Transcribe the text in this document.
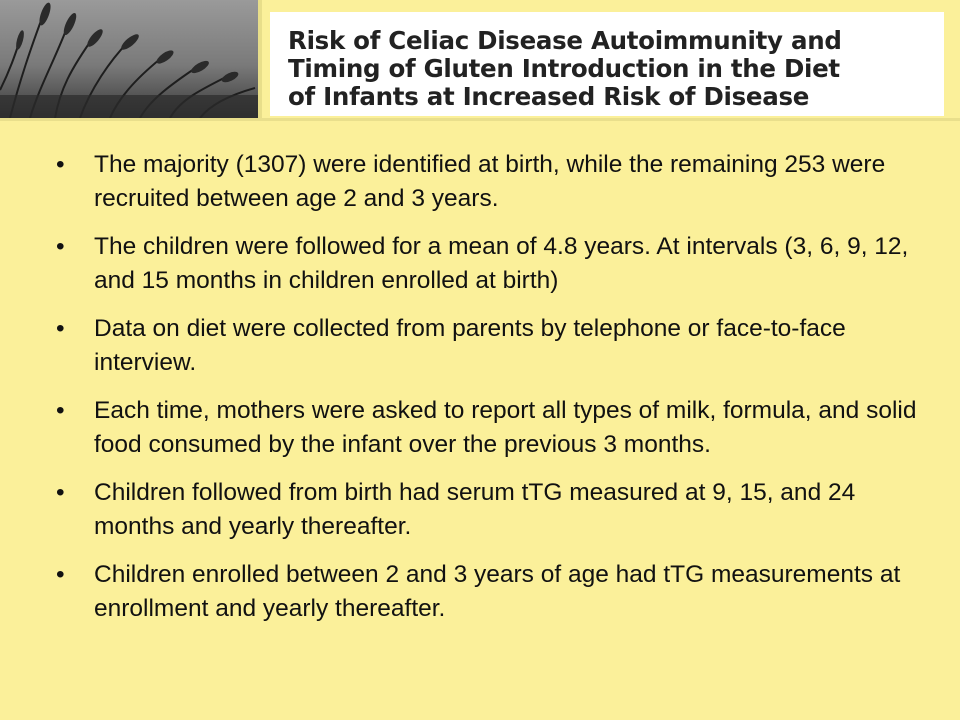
Risk of Celiac Disease Autoimmunity and
Timing of Gluten Introduction in the Diet
of Infants at Increased Risk of Disease
• The majority (1307) were identified at birth, while the remaining 253 were recruited between age 2 and 3 years.
• The children were followed for a mean of 4.8 years. At intervals (3, 6, 9, 12, and 15 months in children enrolled at birth)
• Data on diet were collected from parents by telephone or face-to-face interview.
• Each time, mothers were asked to report all types of milk, formula, and solid food consumed by the infant over the previous 3 months.
• Children followed from birth had serum tTG measured at 9, 15, and 24 months and yearly thereafter.
• Children enrolled between 2 and 3 years of age had tTG measurements at enrollment and yearly thereafter.
